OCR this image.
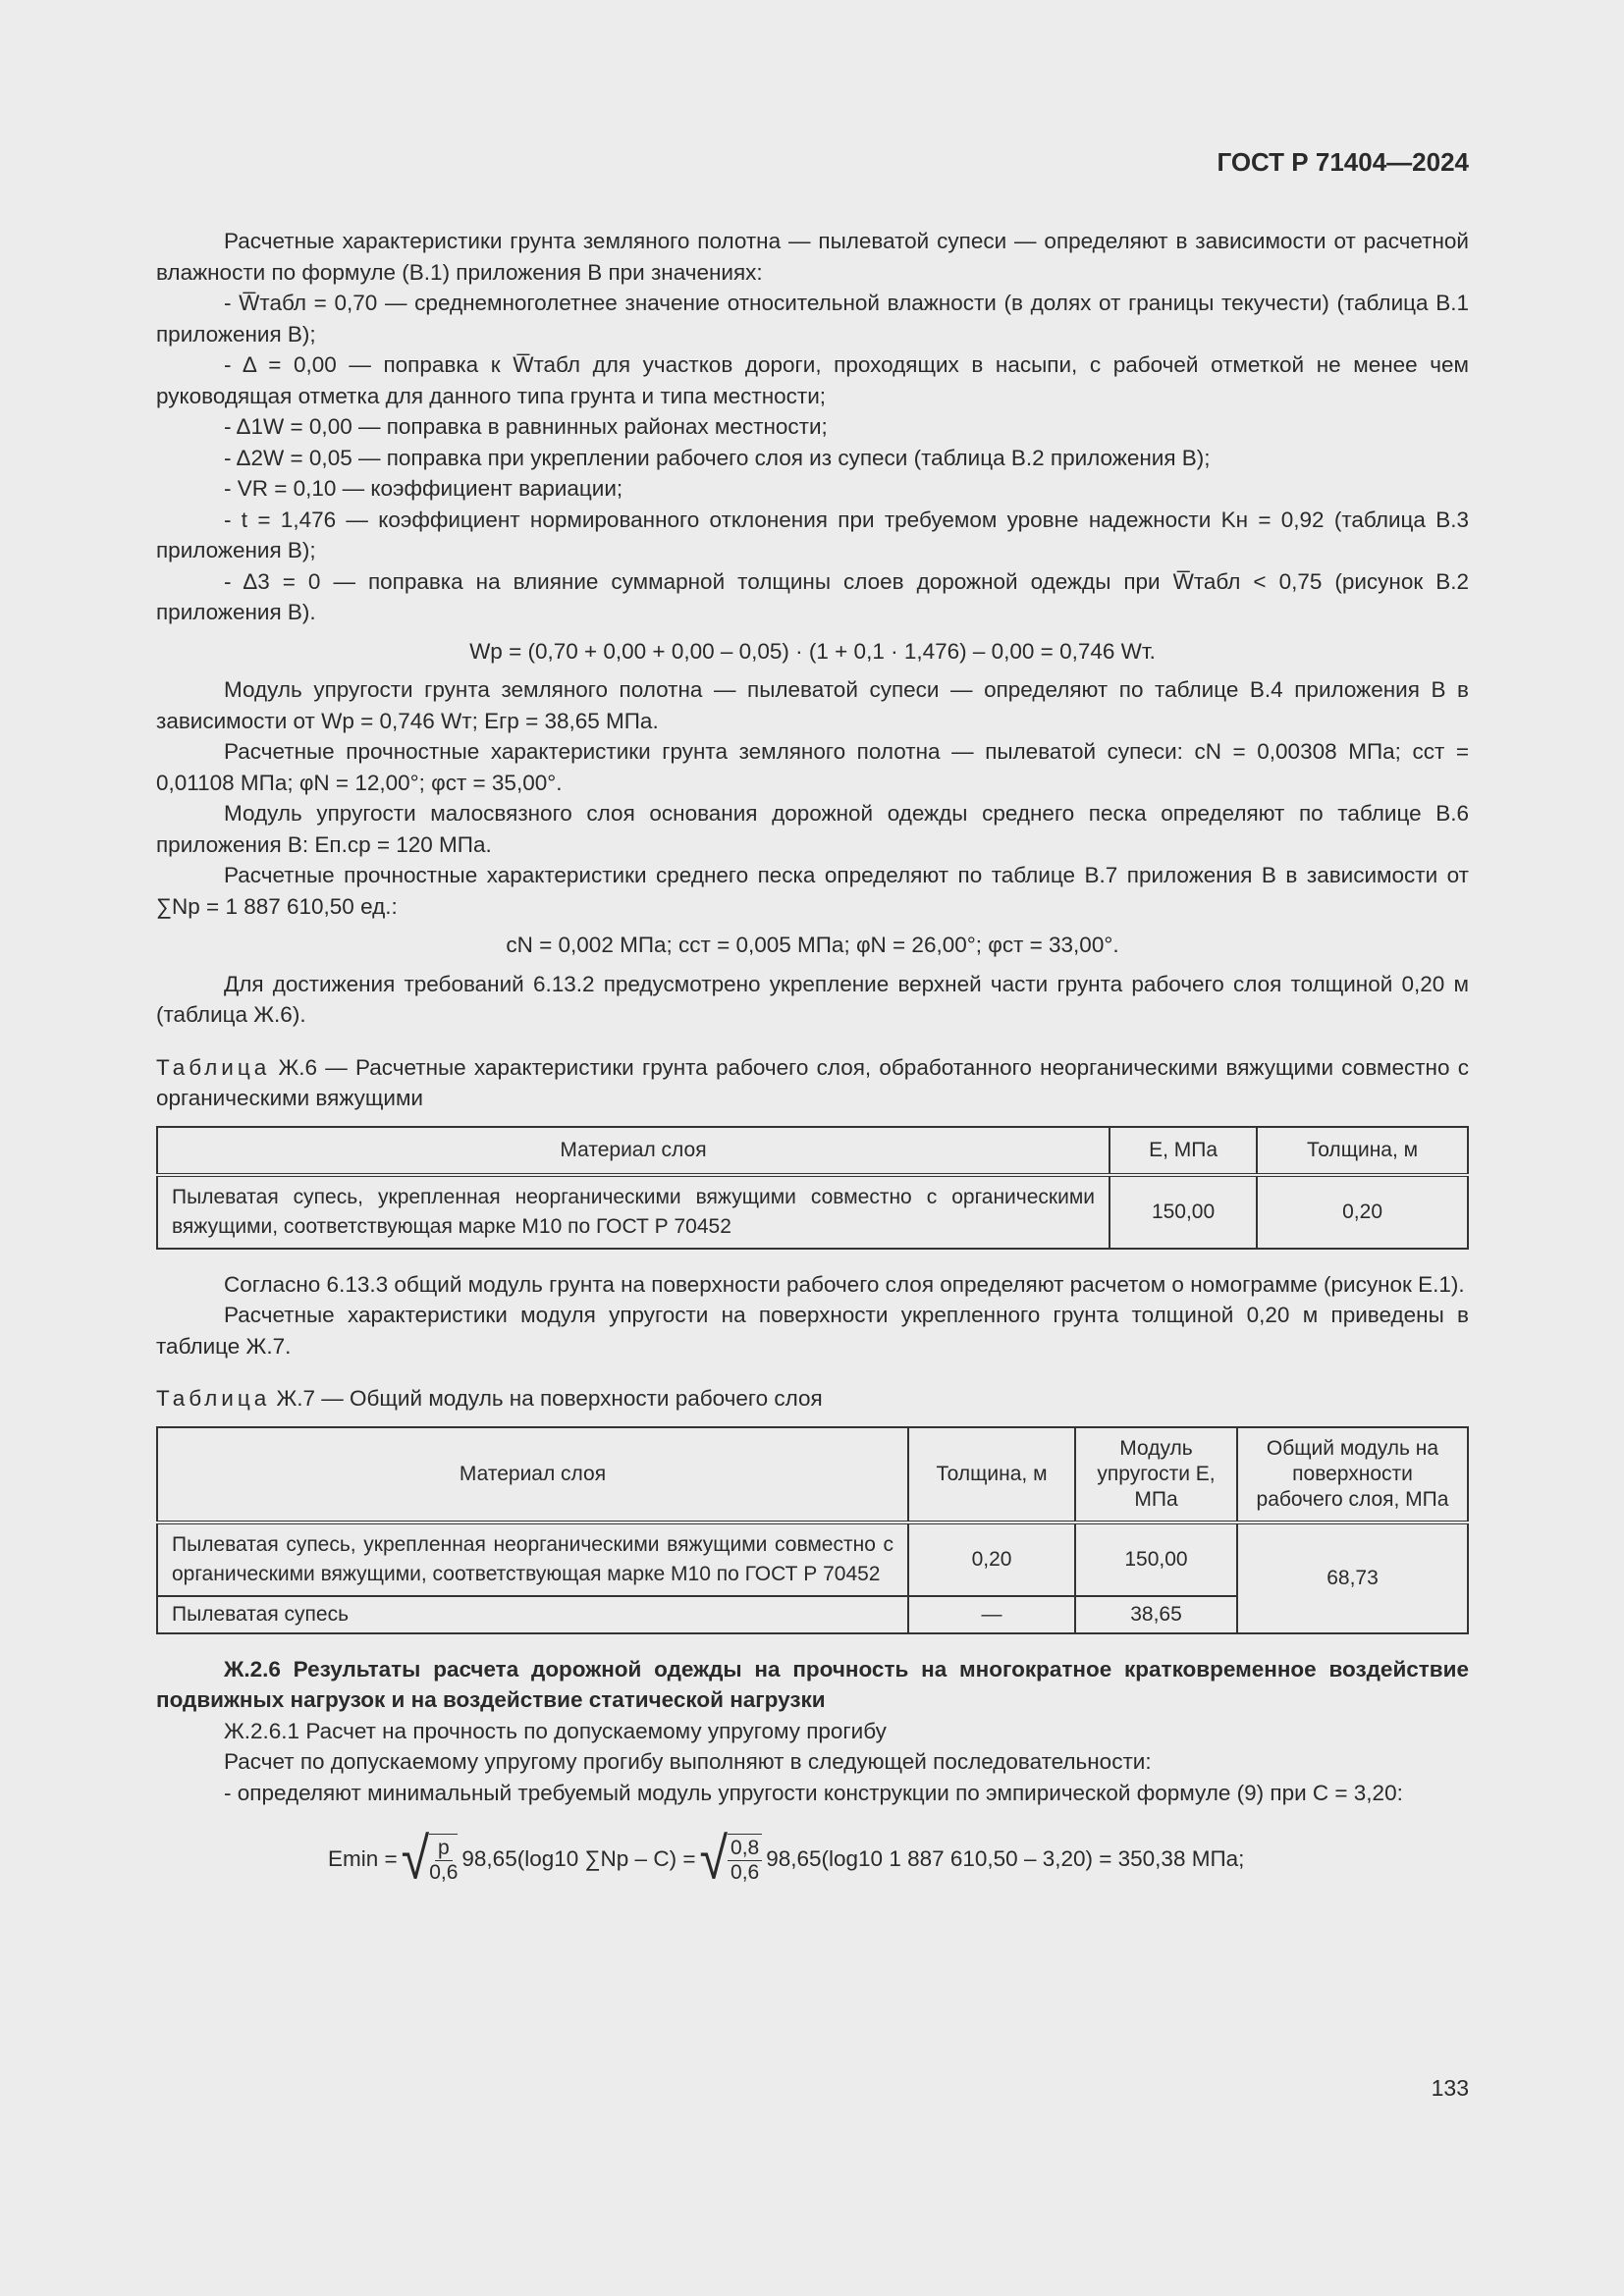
ГОСТ Р 71404—2024

Расчетные характеристики грунта земляного полотна — пылеватой супеси — определяют в зависимости от расчетной влажности по формуле (В.1) приложения В при значениях:

- W̅табл = 0,70 — среднемноголетнее значение относительной влажности (в долях от границы текучести) (таблица В.1 приложения В);

- Δ = 0,00 — поправка к W̅табл для участков дороги, проходящих в насыпи, с рабочей отметкой не менее чем руководящая отметка для данного типа грунта и типа местности;

- Δ1W = 0,00 — поправка в равнинных районах местности;

- Δ2W = 0,05 — поправка при укреплении рабочего слоя из супеси (таблица В.2 приложения В);

- VR = 0,10 — коэффициент вариации;

- t = 1,476 — коэффициент нормированного отклонения при требуемом уровне надежности Kн = 0,92 (таблица В.3 приложения В);

- Δ3 = 0 — поправка на влияние суммарной толщины слоев дорожной одежды при W̅табл < 0,75 (рисунок В.2 приложения В).

Wр = (0,70 + 0,00 + 0,00 – 0,05) · (1 + 0,1 · 1,476) – 0,00 = 0,746 Wт.

Модуль упругости грунта земляного полотна — пылеватой супеси — определяют по таблице В.4 приложения В в зависимости от Wр = 0,746 Wт; Егр = 38,65 МПа.

Расчетные прочностные характеристики грунта земляного полотна — пылеватой супеси: cN = 0,00308 МПа; cст = 0,01108 МПа; φN = 12,00°; φст = 35,00°.

Модуль упругости малосвязного слоя основания дорожной одежды среднего песка определяют по таблице В.6 приложения В: Еп.ср = 120 МПа.

Расчетные прочностные характеристики среднего песка определяют по таблице В.7 приложения В в зависимости от ∑Nр = 1 887 610,50 ед.:

cN = 0,002 МПа; cст = 0,005 МПа; φN = 26,00°; φст = 33,00°.

Для достижения требований 6.13.2 предусмотрено укрепление верхней части грунта рабочего слоя толщиной 0,20 м (таблица Ж.6).

Таблица Ж.6 — Расчетные характеристики грунта рабочего слоя, обработанного неорганическими вяжущими совместно с органическими вяжущими
Материал слоя	E, МПа	Толщина, м
Пылеватая супесь, укрепленная неорганическими вяжущими совместно с органическими вяжущими, соответствующая марке М10 по ГОСТ Р 70452	150,00	0,20

Согласно 6.13.3 общий модуль грунта на поверхности рабочего слоя определяют расчетом о номограмме (рисунок Е.1).

Расчетные характеристики модуля упругости на поверхности укрепленного грунта толщиной 0,20 м приведены в таблице Ж.7.

Таблица Ж.7 — Общий модуль на поверхности рабочего слоя
Материал слоя	Толщина, м	Модуль упругости E, МПа	Общий модуль на поверхности рабочего слоя, МПа
Пылеватая супесь, укрепленная неорганическими вяжущими совместно с органическими вяжущими, соответствующая марке М10 по ГОСТ Р 70452	0,20	150,00	68,73
Пылеватая супесь	—	38,65	

Ж.2.6 Результаты расчета дорожной одежды на прочность на многократное кратковременное воздействие подвижных нагрузок и на воздействие статической нагрузки

Ж.2.6.1 Расчет на прочность по допускаемому упругому прогибу

Расчет по допускаемому упругому прогибу выполняют в следующей последовательности:

- определяют минимальный требуемый модуль упругости конструкции по эмпирической формуле (9) при C = 3,20:

Emin = √ $\frac{p}{0,6} 98,65(\log 10$ ∑Nр – C) = √ $\frac{0,8}{0,6} 98,65(\log 10$ 1 887 610,50 – 3,20) = 350,38 МПа;
133
